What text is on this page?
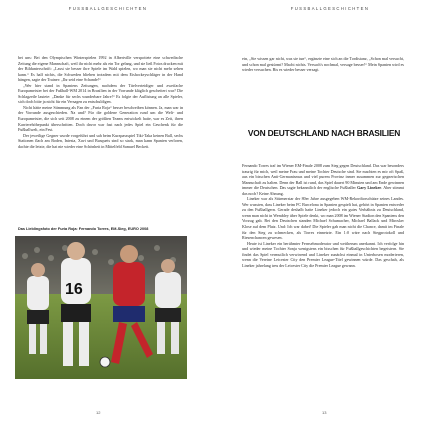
FUSSBALLGESCHICHTEN

bei uns: Bei den Olympischen Winterspielen 1992 in Albertville verspottete eine schwedische Zeitung die eigene Mannschaft, weil ihr nicht mehr als ein Tor gelang, und sie ließ Fotos drucken mit der Bildunterschrift: „Lasst sie besser ihre Spiele im Wald spielen, wo man sie nicht mehr sehen kann.“ Es half nichts, die Schweden blieben trotzdem mit dem Eishockeyschläger in der Hand hängen, sagte der Trainer: „Ihr seid eine Schande!“

„Wer hier stand in Spaniens Zeitungen, nachdem der Titelverteidiger und zweifache Europameister bei der Fußball-WM 2014 in Brasilien in der Vorrunde kläglich gescheitert war? Die Schlagzeile lautete: „Danke für sechs wunderbare Jahre!“ Es folgte der Auflistung an alle Spieler, sich doch bitte ja nicht für ein Versagen zu entschuldigen.

Nicht hätte meine Stimmung als Fan der „Furia Roja“ besser beschreiben können. Ja, man war in der Vorrunde ausgeschieden. Na und? Für die goldene Generation rund um die Welt- und Europameister, die sich seit 2008 zu einem der größten Teams entwickelt hatte, war es Zeit, ihren Karrierehöhepunkt überschritten. Doch davor war fast nach jedes Spiel ein Geschenk für die Fußballwelt, ein Fest.

Der jeweilige Gegner wurde vorgeführt und sah beim Kurzpassspiel Tiki-Taka keinen Ball, sechs Stationen flach am Boden, Iniesta, Xavi und Busquets sind so stark, man kann Spanien verloren, dachte die letzte, die hat nie wieder eine Schönheit in Mittelfeld Samuel Beckett.

Das Lieblingsfoto der Furia Roja: Fernando Torres, EM-Sieg, EURO 2008
16
12
FUSSBALLGESCHICHTEN

ein, „Sie wissen gar nicht, was sie tun“, ergänzte eine sich an die Tordistanz, „Schon mal versucht, und schon mal gestürmt? Macht nichts. Versuch's nochmal, versage besser!“ Mein Spanien wird es wieder versuchen. Bis es wieder besser versagt.

VON DEUTSCHLAND NACH BRASILIEN

Fernando Torres traf im Wiener EM-Finale 2008 zum Sieg gegen Deutschland. Das war besonders traurig für mich, weil meine Frau und meine Tochter Deutsche sind. Sie machten es mir oft Spaß, aus ein bisschen Anti-Germanismus und viel purem Provinz inmer zusammen zur gegnerischen Mannschaft zu halten. Denn der Ball ist rund, das Spiel dauert 90 Minuten und am Ende gewinnen immer die Deutschen. Das sagte bekanntlich der englische Fußballer Gary Lineker. Aber stimmt das noch? Keine Ahnung.

Lineker war als Stürmerstar der 80er Jahre ausgegeben WM-Rekordtorschütze seines Landes. Wer wussten, dass Lineker beim FC Barcelona in Spanien gespielt hat, gehört in Spanien entweder zu den Fußballgern. Gerade deshalb hatte Lineker jedoch ein gutes Verhältnis zu Deutschland, wenn man nicht in Wembley über Spiele denkt, wo man 2008 im Wiener Stadion den Spaniens den Vorzug gab. Bei den Deutschen standen Michael Schumacher, Michael Ballack und Miroslav Klose auf dem Platz. Und: Ich war dabei! Die Spieler gab man nicht die Chance, damit im Finale für den Sieg zu schmecken, als Torres einnetzte. Ein 1:0 wäre nach Siegprotokoll und Riesenchancen gewesen.

Heute ist Lineker ein berühmter Fernsehmoderator und weitherum anerkannt. Ich verfolge hin und wieder meine Tochter Sonja wenigstens ein bisschen für Fußballgeschichten begeistern. Sie findet das Spiel vermutlich verwirrend und Lineker zunächst einmal in Unterhosen moderieren, wenn die Vereine Leicester City den Premier League-Titel gewinnen würde. Das geschah, als Lineker jahrelang treu der Leicester City die Premier League gewann.

13
